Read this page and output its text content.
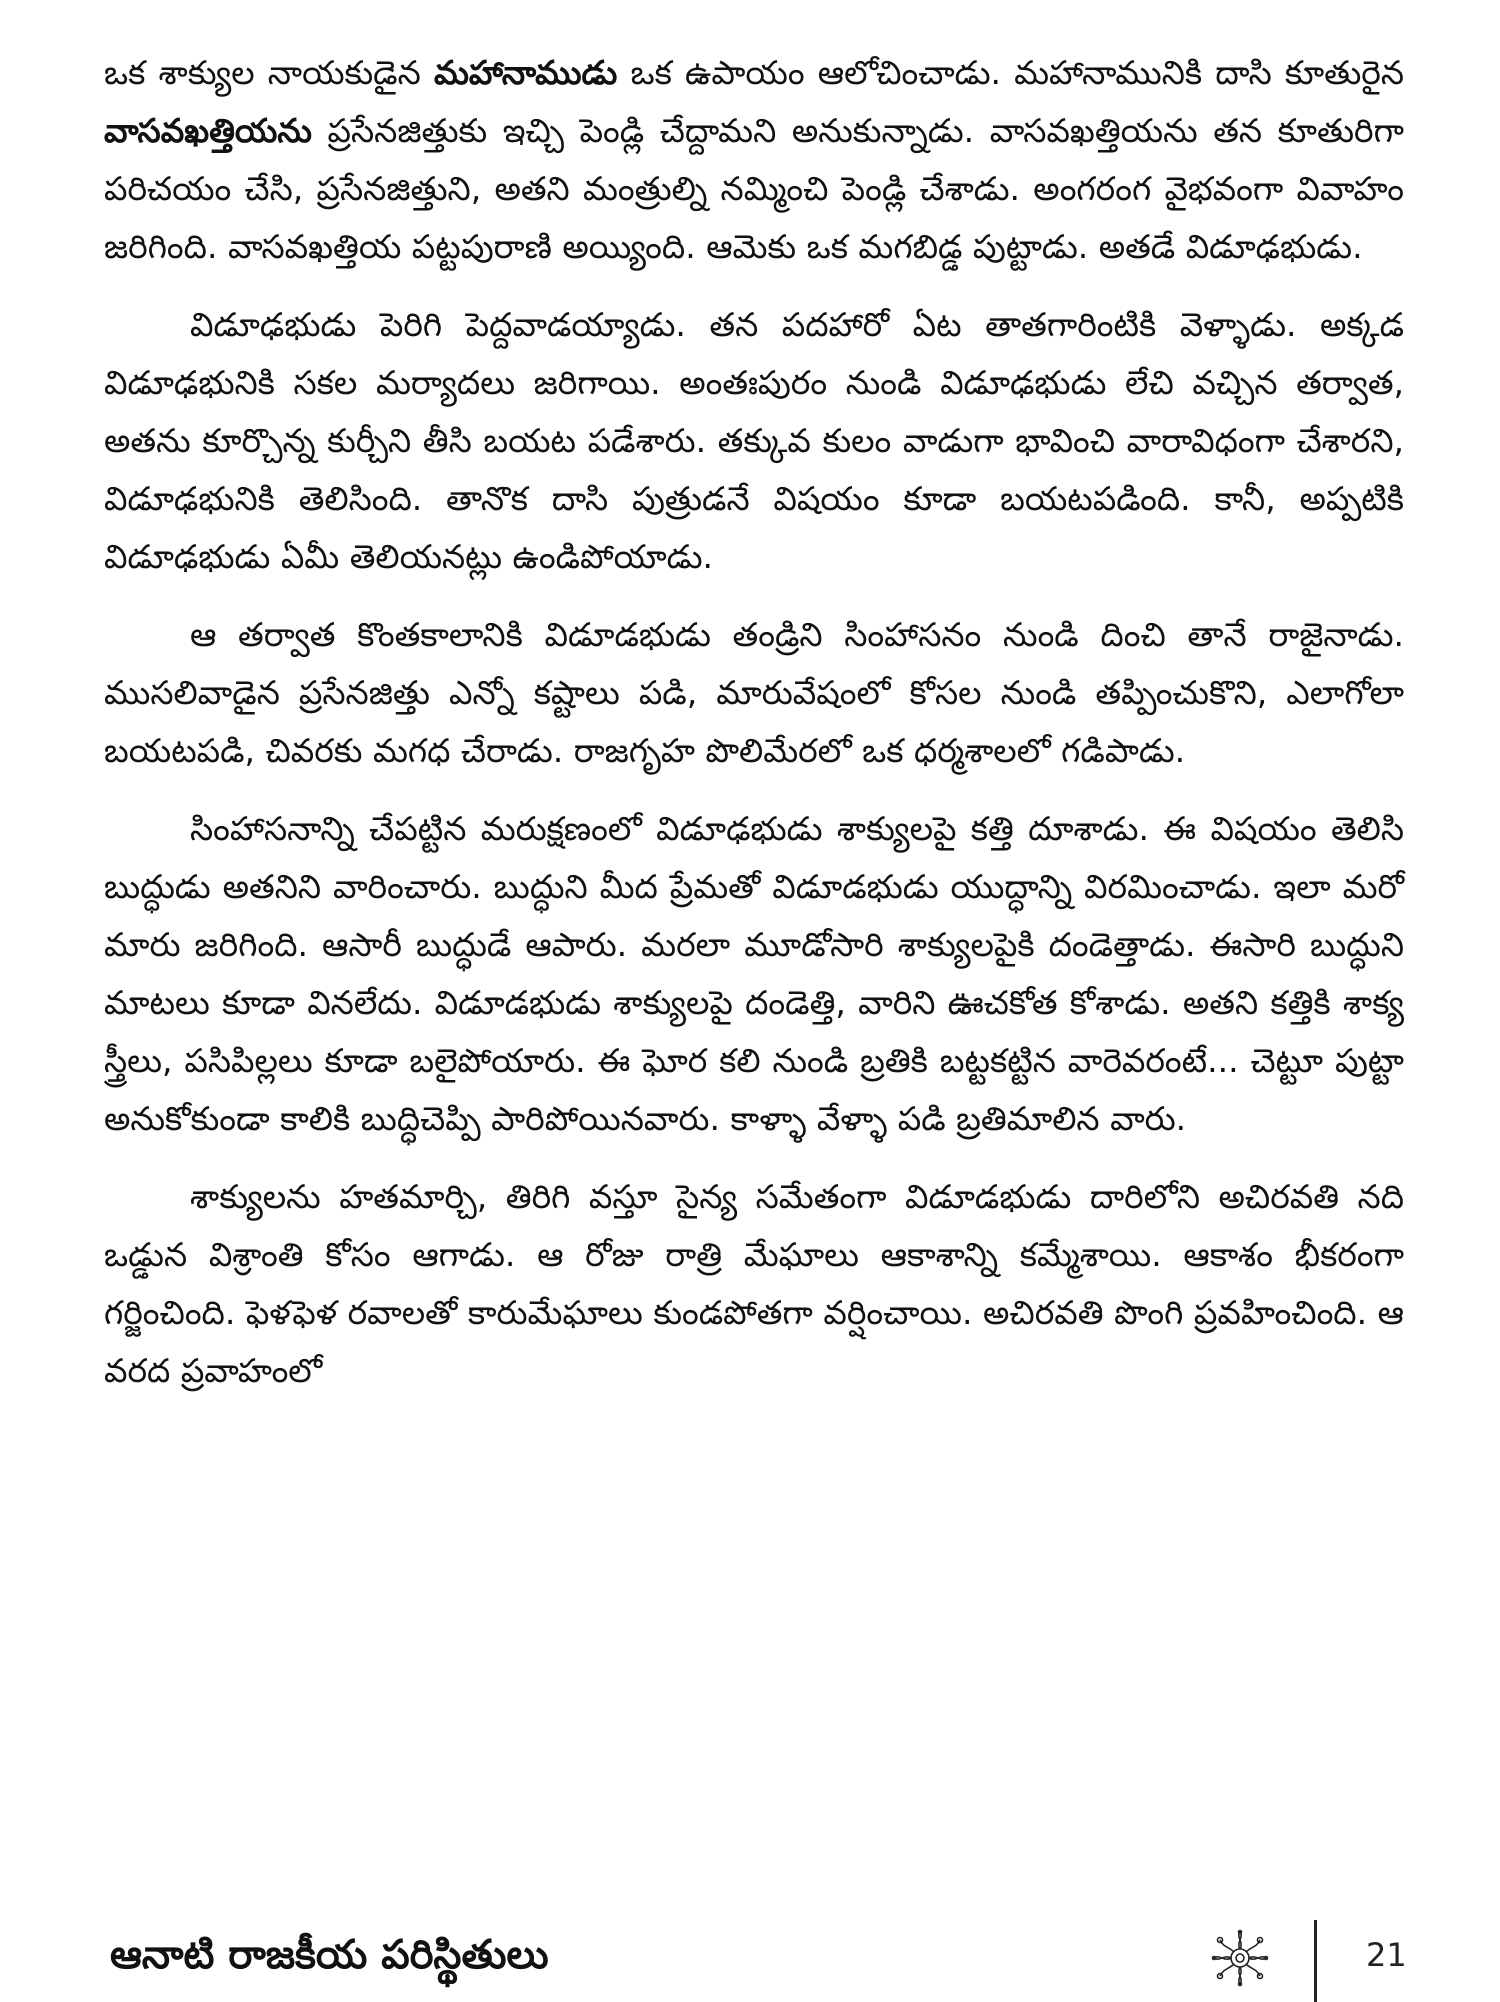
ఒక శాక్యుల నాయకుడైన మహానాముడు ఒక ఉపాయం ఆలోచించాడు. మహానామునికి దాసి కూతురైన వాసవఖత్తియను ప్రసేనజిత్తుకు ఇచ్చి పెండ్లి చేద్దామని అనుకున్నాడు. వాసవఖత్తియను తన కూతురిగా పరిచయం చేసి, ప్రసేనజిత్తుని, అతని మంత్రుల్ని నమ్మించి పెండ్లి చేశాడు. అంగరంగ వైభవంగా వివాహం జరిగింది. వాసవఖత్తియ పట్టపురాణి అయ్యింది. ఆమెకు ఒక మగబిడ్డ పుట్టాడు. అతడే విడూఢభుడు.

విడూఢభుడు పెరిగి పెద్దవాడయ్యాడు. తన పదహారో ఏట తాతగారింటికి వెళ్ళాడు. అక్కడ విడూఢభునికి సకల మర్యాదలు జరిగాయి. అంతఃపురం నుండి విడూఢభుడు లేచి వచ్చిన తర్వాత, అతను కూర్చొన్న కుర్చీని తీసి బయట పడేశారు. తక్కువ కులం వాడుగా భావించి వారావిధంగా చేశారని, విడూఢభునికి తెలిసింది. తానొక దాసి పుత్రుడనే విషయం కూడా బయటపడింది. కానీ, అప్పటికి విడూఢభుడు ఏమీ తెలియనట్లు ఉండిపోయాడు.

ఆ తర్వాత కొంతకాలానికి విడూడభుడు తండ్రిని సింహాసనం నుండి దించి తానే రాజైనాడు. ముసలివాడైన ప్రసేనజిత్తు ఎన్నో కష్టాలు పడి, మారువేషంలో కోసల నుండి తప్పించుకొని, ఎలాగోలా బయటపడి, చివరకు మగధ చేరాడు. రాజగృహ పొలిమేరలో ఒక ధర్మశాలలో గడిపాడు.

సింహాసనాన్ని చేపట్టిన మరుక్షణంలో విడూఢభుడు శాక్యులపై కత్తి దూశాడు. ఈ విషయం తెలిసి బుద్ధుడు అతనిని వారించారు. బుద్ధుని మీద ప్రేమతో విడూడభుడు యుద్ధాన్ని విరమించాడు. ఇలా మరో మారు జరిగింది. ఆసారీ బుద్ధుడే ఆపారు. మరలా మూడోసారి శాక్యులపైకి దండెత్తాడు. ఈసారి బుద్ధుని మాటలు కూడా వినలేదు. విడూడభుడు శాక్యులపై దండెత్తి, వారిని ఊచకోత కోశాడు. అతని కత్తికి శాక్య స్త్రీలు, పసిపిల్లలు కూడా బలైపోయారు. ఈ ఘోర కలి నుండి బ్రతికి బట్టకట్టిన వారెవరంటే... చెట్టూ పుట్టా అనుకోకుండా కాలికి బుద్ధిచెప్పి పారిపోయినవారు. కాళ్ళా వేళ్ళా పడి బ్రతిమాలిన వారు.

శాక్యులను హతమార్చి, తిరిగి వస్తూ సైన్య సమేతంగా విడూడభుడు దారిలోని అచిరవతి నది ఒడ్డున విశ్రాంతి కోసం ఆగాడు. ఆ రోజు రాత్రి మేఘాలు ఆకాశాన్ని కమ్మేశాయి. ఆకాశం భీకరంగా గర్జించింది. ఫెళఫెళ రవాలతో కారుమేఘాలు కుండపోతగా వర్షించాయి. అచిరవతి పొంగి ప్రవహించింది. ఆ వరద ప్రవాహంలో

ఆనాటి రాజకీయ పరిస్థితులు	21
